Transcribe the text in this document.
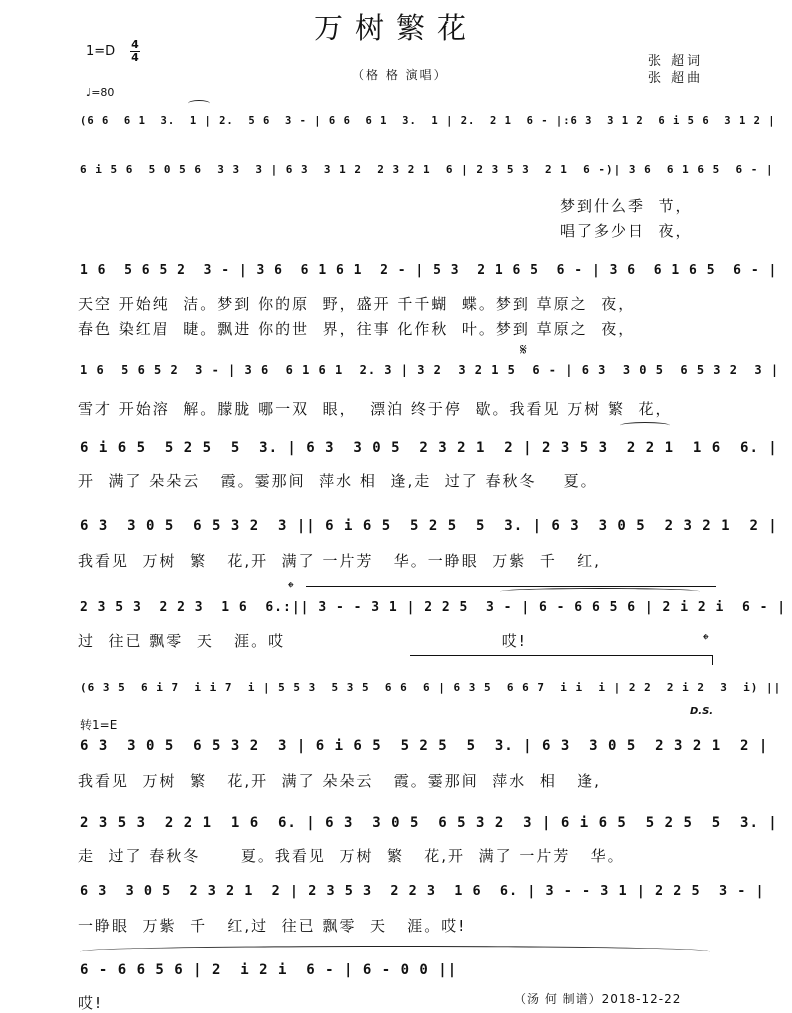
万树繁花
1=D 4
4
（格 格 演唱）
张 超词
张 超曲
♩=80
(6 6  6 1  3.  1 | 2.  5 6  3 - | 6 6  6 1  3.  1 | 2.  2 1  6 - |:6 3  3 1 2  6 i 5 6  3 1 2 |
6 i 5 6  5 0 5 6  3 3  3 | 6 3  3 1 2  2 3 2 1  6 | 2 3 5 3  2 1  6 -)| 3 6  6 1 6 5  6 - |
1 6  5 6 5 2  3 - | 3 6  6 1 6 1  2 - | 5 3  2 1 6 5  6 - | 3 6  6 1 6 5  6 - |
1 6  5 6 5 2  3 - | 3 6  6 1 6 1  2. 3 | 3 2  3 2 1 5  6 - | 6 3  3 0 5  6 5 3 2  3 |
6 i 6 5  5 2 5  5  3. | 6 3  3 0 5  2 3 2 1  2 | 2 3 5 3  2 2 1  1 6  6. |
6 3  3 0 5  6 5 3 2  3 || 6 i 6 5  5 2 5  5  3. | 6 3  3 0 5  2 3 2 1  2 |
2 3 5 3  2 2 3  1 6  6.:|| 3 - - 3 1 | 2 2 5  3 - | 6 - 6 6 5 6 | 2 i 2 i  6 - |
(6 3 5  6 i 7  i i 7  i | 5 5 3  5 3 5  6 6  6 | 6 3 5  6 6 7  i i  i | 2 2  2 i 2  3  i) ||
6 3  3 0 5  6 5 3 2  3 | 6 i 6 5  5 2 5  5  3. | 6 3  3 0 5  2 3 2 1  2 |
2 3 5 3  2 2 1  1 6  6. | 6 3  3 0 5  6 5 3 2  3 | 6 i 6 5  5 2 5  5  3. |
6 3  3 0 5  2 3 2 1  2 | 2 3 5 3  2 2 3  1 6  6. | 3 - - 3 1 | 2 2 5  3 - |
6 - 6 6 5 6 | 2  i 2 i  6 - | 6 - 0 0 ||
梦到什么季  节，
唱了多少日  夜，
天空 开始纯  洁。梦到 你的原  野，盛开 千千蝴  蝶。梦到 草原之  夜，
春色 染红眉  睫。飘进 你的世  界，往事 化作秋  叶。梦到 草原之  夜，
雪才 开始溶  解。朦胧 哪一双  眼，  漂泊 终于停  歇。我看见 万树 繁  花，
开  满了 朵朵云   霞。霎那间  萍水 相  逢,走  过了 春秋冬    夏。
我看见  万树  繁   花,开  满了 一片芳   华。一睁眼  万紫  千   红,
过  往已 飘零  天   涯。哎                                哎!
我看见  万树  繁   花,开  满了 朵朵云   霞。霎那间  萍水  相   逢,
走  过了 春秋冬      夏。我看见  万树  繁   花,开  满了 一片芳   华。
一睁眼  万紫  千   红,过  往已 飘零  天   涯。哎!
哎!
𝄋
𝄌
𝄌
D.S.
转1=E
（汤 何 制谱）2018-12-22
